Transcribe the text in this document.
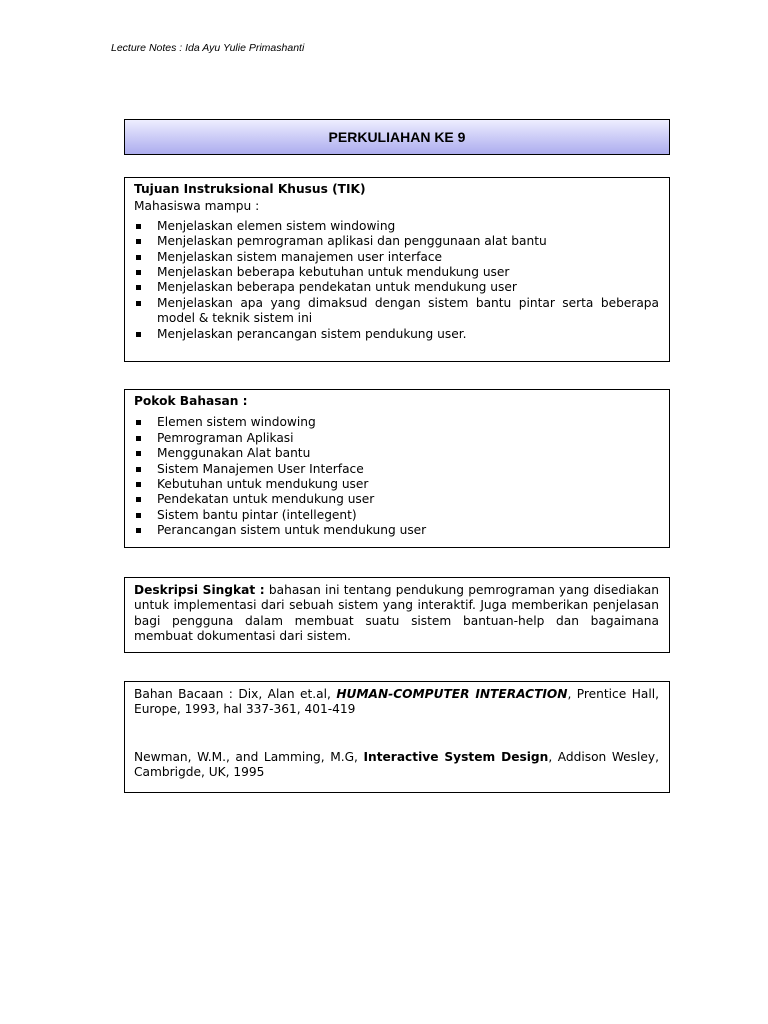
Lecture Notes : Ida Ayu Yulie Primashanti
PERKULIAHAN KE 9
Tujuan Instruksional Khusus (TIK)
Mahasiswa mampu :
Menjelaskan elemen sistem windowing
Menjelaskan pemrograman aplikasi dan penggunaan alat bantu
Menjelaskan sistem manajemen user interface
Menjelaskan beberapa kebutuhan untuk mendukung user
Menjelaskan beberapa pendekatan untuk mendukung user
Menjelaskan apa yang dimaksud dengan sistem bantu pintar serta beberapa model & teknik sistem ini
Menjelaskan perancangan sistem pendukung user.
Pokok Bahasan :
Elemen sistem windowing
Pemrograman Aplikasi
Menggunakan Alat bantu
Sistem Manajemen User Interface
Kebutuhan untuk mendukung user
Pendekatan untuk mendukung user
Sistem bantu pintar (intellegent)
Perancangan sistem untuk mendukung user

Deskripsi Singkat : bahasan ini tentang pendukung pemrograman yang disediakan untuk implementasi dari sebuah sistem yang interaktif. Juga memberikan penjelasan bagi pengguna dalam membuat suatu sistem bantuan-help dan bagaimana membuat dokumentasi dari sistem.

Bahan Bacaan : Dix, Alan et.al, HUMAN-COMPUTER INTERACTION, Prentice Hall, Europe, 1993, hal 337-361, 401-419

Newman, W.M., and Lamming, M.G, Interactive System Design, Addison Wesley, Cambrigde, UK, 1995
